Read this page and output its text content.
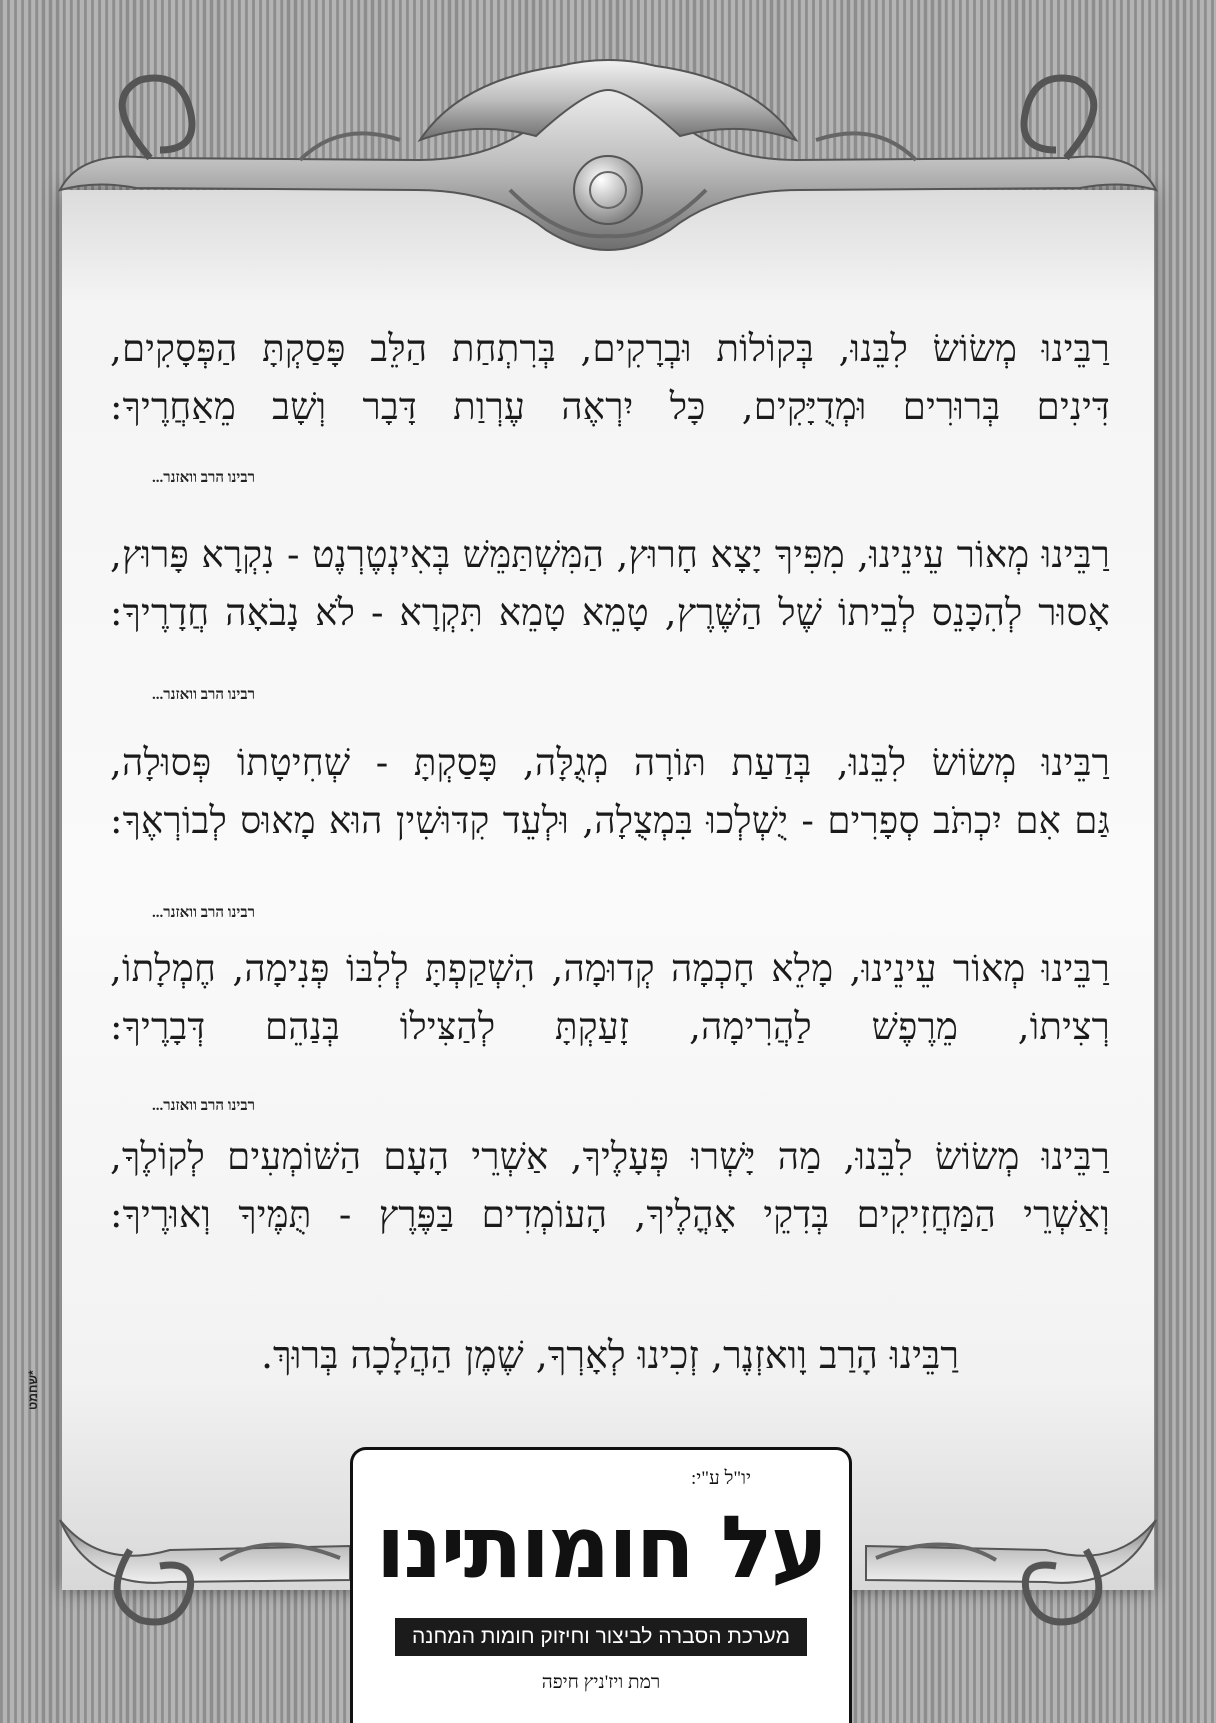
רַבֵּינוּ מְשׂוֹשׂ לִבֵּנוּ, בְּקוֹלוֹת וּבְרָקִים, בְּרִתְחַת הַלֵּב פָּסַקְתָּ הַפְּסָקִים,
דִּינִים בְּרוּרִים וּמְדֻיָּקִים, כָּל יִרְאֶה עֶרְוַת דָּבָר וְשָׁב מֵאַחֲרֶיךָ:
רַבֵּינוּ מְאוֹר עֵינֵינוּ, מִפִּיךָ יָצָא חָרוּץ, הַמִּשְׁתַּמֵּשׁ בְּאִינְטֶרְנֶט - נִקְרָא פָּרוּץ,
אָסוּר לְהִכָּנֵס לְבֵיתוֹ שֶׁל הַשֶּׁרֶץ, טָמֵא טָמֵא תִּקְרָא - לֹא נָבֹאָה חֲדָרֶיךָ:
רַבֵּינוּ מְשׂוֹשׂ לִבֵּנוּ, בְּדַעַת תּוֹרָה מְגֻלָּה, פָּסַקְתָּ - שְׁחִיטָתוֹ פְּסוּלָה,
גַּם אִם יִכְתֹּב סְפָרִים - יֻשְׁלְכוּ בִּמְצֻלָה, וּלְעֵד קִדּוּשִׁין הוּא מָאוּס לְבוֹרְאֶךָ:
רַבֵּינוּ מְאוֹר עֵינֵינוּ, מָלֵא חָכְמָה קְדוּמָה, הִשְׁקַפְתָּ לְלִבּוֹ פְּנִימָה, חֶמְלָתוֹ,
רְצִיתוֹ, מֵרֶפֶשׁ לַהֲרִימָה, זָעַקְתָּ לְהַצִּילוֹ בְּנַהֵם דְּבָרֶיךָ:
רַבֵּינוּ מְשׂוֹשׂ לִבֵּנוּ, מַה יָּשְׁרוּ פְּעָלֶיךָ, אַשְׁרֵי הָעָם הַשּׁוֹמְעִים לְקוֹלֶךָ,
וְאַשְׁרֵי הַמַּחֲזִיקִים בְּדִקֵי אָהֳלֶיךָ, הָעוֹמְדִים בַּפֶּרֶץ - תֻּמֶּיךָ וְאוּרֶיךָ:
רבינו הרב וואזנר...
רבינו הרב וואזנר...
רבינו הרב וואזנר...
רבינו הרב וואזנר...
רַבֵּינוּ הָרַב וָואזְנֶר, זְכִינוּ לְאָרְךָ, שֶׁמֶן הַהֲלָכָה בְּרוּךְ.
שחמט*
יו"ל ע"י:
על חומותינו
מערכת הסברה לביצור וחיזוק חומות המחנה
רמת ויז'ניץ חיפה
